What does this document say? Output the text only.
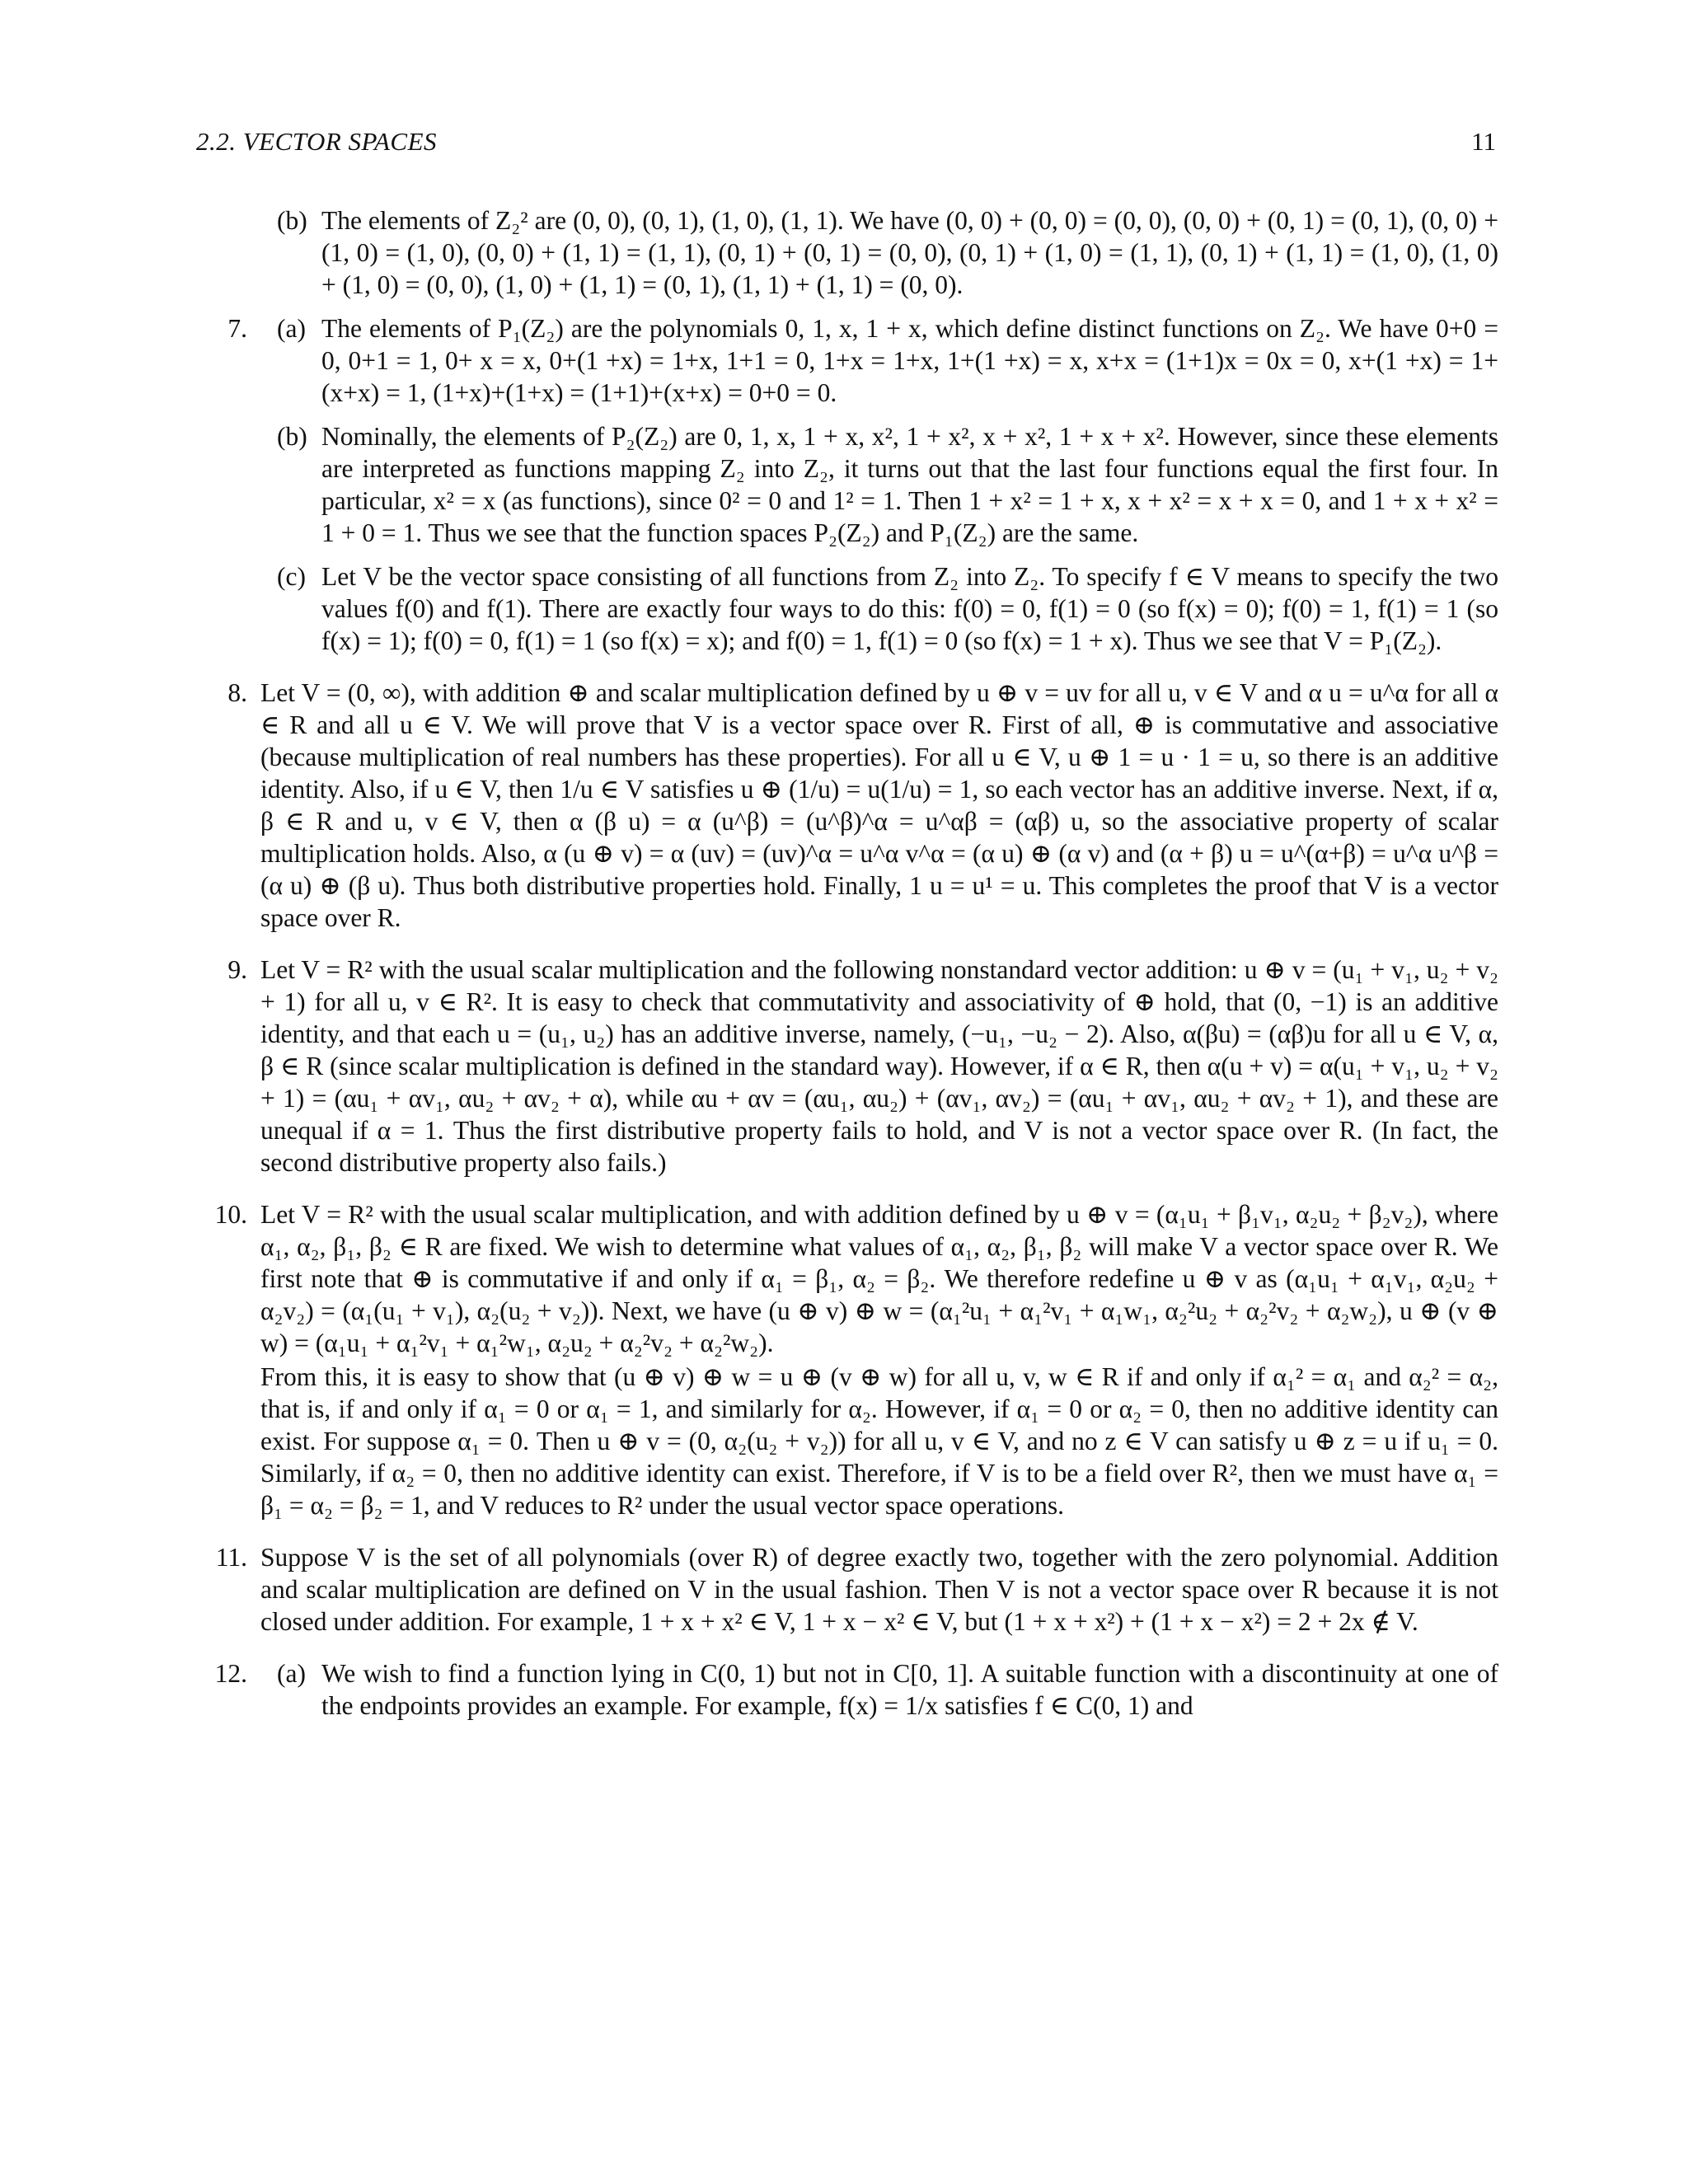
2.2. VECTOR SPACES	11
(b) The elements of Z₂² are (0, 0), (0, 1), (1, 0), (1, 1). We have (0, 0) + (0, 0) = (0, 0), (0, 0) + (0, 1) = (0, 1), (0, 0) + (1, 0) = (1, 0), (0, 0) + (1, 1) = (1, 1), (0, 1) + (0, 1) = (0, 0), (0, 1) + (1, 0) = (1, 1), (0, 1) + (1, 1) = (1, 0), (1, 0) + (1, 0) = (0, 0), (1, 0) + (1, 1) = (0, 1), (1, 1) + (1, 1) = (0, 0).
7. (a) The elements of P₁(Z₂) are the polynomials 0, 1, x, 1 + x, which define distinct functions on Z₂. We have 0+0 = 0, 0+1 = 1, 0+ x = x, 0+(1 +x) = 1+x, 1+1 = 0, 1+x = 1+x, 1+(1 +x) = x, x+x = (1+1)x = 0x = 0, x+(1 +x) = 1+(x+x) = 1, (1+x)+(1+x) = (1+1)+(x+x) = 0+0 = 0.
(b) Nominally, the elements of P₂(Z₂) are 0, 1, x, 1 + x, x², 1 + x², x + x², 1 + x + x². However, since these elements are interpreted as functions mapping Z₂ into Z₂, it turns out that the last four functions equal the first four. In particular, x² = x (as functions), since 0² = 0 and 1² = 1. Then 1 + x² = 1 + x, x + x² = x + x = 0, and 1 + x + x² = 1 + 0 = 1. Thus we see that the function spaces P₂(Z₂) and P₁(Z₂) are the same.
(c) Let V be the vector space consisting of all functions from Z₂ into Z₂. To specify f ∈ V means to specify the two values f(0) and f(1). There are exactly four ways to do this: f(0) = 0, f(1) = 0 (so f(x) = 0); f(0) = 1, f(1) = 1 (so f(x) = 1); f(0) = 0, f(1) = 1 (so f(x) = x); and f(0) = 1, f(1) = 0 (so f(x) = 1 + x). Thus we see that V = P₁(Z₂).
8. Let V = (0, ∞), with addition ⊕ and scalar multiplication defined by u ⊕ v = uv for all u, v ∈ V and α u = u^α for all α ∈ R and all u ∈ V. We will prove that V is a vector space over R. First of all, ⊕ is commutative and associative (because multiplication of real numbers has these properties). For all u ∈ V, u ⊕ 1 = u · 1 = u, so there is an additive identity. Also, if u ∈ V, then 1/u ∈ V satisfies u ⊕ (1/u) = u(1/u) = 1, so each vector has an additive inverse. Next, if α, β ∈ R and u, v ∈ V, then α (β u) = α (u^β) = (u^β)^α = u^αβ = (αβ) u, so the associative property of scalar multiplication holds. Also, α (u ⊕ v) = α (uv) = (uv)^α = u^α v^α = (α u) ⊕ (α v) and (α + β) u = u^(α+β) = u^α u^β = (α u) ⊕ (β u). Thus both distributive properties hold. Finally, 1 u = u¹ = u. This completes the proof that V is a vector space over R.
9. Let V = R² with the usual scalar multiplication and the following nonstandard vector addition: u ⊕ v = (u₁ + v₁, u₂ + v₂ + 1) for all u, v ∈ R². It is easy to check that commutativity and associativity of ⊕ hold, that (0, −1) is an additive identity, and that each u = (u₁, u₂) has an additive inverse, namely, (−u₁, −u₂ − 2). Also, α(βu) = (αβ)u for all u ∈ V, α, β ∈ R (since scalar multiplication is defined in the standard way). However, if α ∈ R, then α(u + v) = α(u₁ + v₁, u₂ + v₂ + 1) = (αu₁ + αv₁, αu₂ + αv₂ + α), while αu + αv = (αu₁, αu₂) + (αv₁, αv₂) = (αu₁ + αv₁, αu₂ + αv₂ + 1), and these are unequal if α = 1. Thus the first distributive property fails to hold, and V is not a vector space over R. (In fact, the second distributive property also fails.)
10. Let V = R² with the usual scalar multiplication, and with addition defined by u ⊕ v = (α₁u₁ + β₁v₁, α₂u₂ + β₂v₂), where α₁, α₂, β₁, β₂ ∈ R are fixed. We wish to determine what values of α₁, α₂, β₁, β₂ will make V a vector space over R. We first note that ⊕ is commutative if and only if α₁ = β₁, α₂ = β₂. We therefore redefine u ⊕ v as (α₁u₁ + α₁v₁, α₂u₂ + α₂v₂) = (α₁(u₁ + v₁), α₂(u₂ + v₂)). Next, we have (u ⊕ v) ⊕ w = (α₁²u₁ + α₁²v₁ + α₁w₁, α₂²u₂ + α₂²v₂ + α₂w₂), u ⊕ (v ⊕ w) = (α₁u₁ + α₁²v₁ + α₁²w₁, α₂u₂ + α₂²v₂ + α₂²w₂).
From this, it is easy to show that (u ⊕ v) ⊕ w = u ⊕ (v ⊕ w) for all u, v, w ∈ R if and only if α₁² = α₁ and α₂² = α₂, that is, if and only if α₁ = 0 or α₁ = 1, and similarly for α₂. However, if α₁ = 0 or α₂ = 0, then no additive identity can exist. For suppose α₁ = 0. Then u ⊕ v = (0, α₂(u₂ + v₂)) for all u, v ∈ V, and no z ∈ V can satisfy u ⊕ z = u if u₁ = 0. Similarly, if α₂ = 0, then no additive identity can exist. Therefore, if V is to be a field over R², then we must have α₁ = β₁ = α₂ = β₂ = 1, and V reduces to R² under the usual vector space operations.
11. Suppose V is the set of all polynomials (over R) of degree exactly two, together with the zero polynomial. Addition and scalar multiplication are defined on V in the usual fashion. Then V is not a vector space over R because it is not closed under addition. For example, 1 + x + x² ∈ V, 1 + x − x² ∈ V, but (1 + x + x²) + (1 + x − x²) = 2 + 2x ∉ V.
12. (a) We wish to find a function lying in C(0, 1) but not in C[0, 1]. A suitable function with a discontinuity at one of the endpoints provides an example. For example, f(x) = 1/x satisfies f ∈ C(0, 1) and
